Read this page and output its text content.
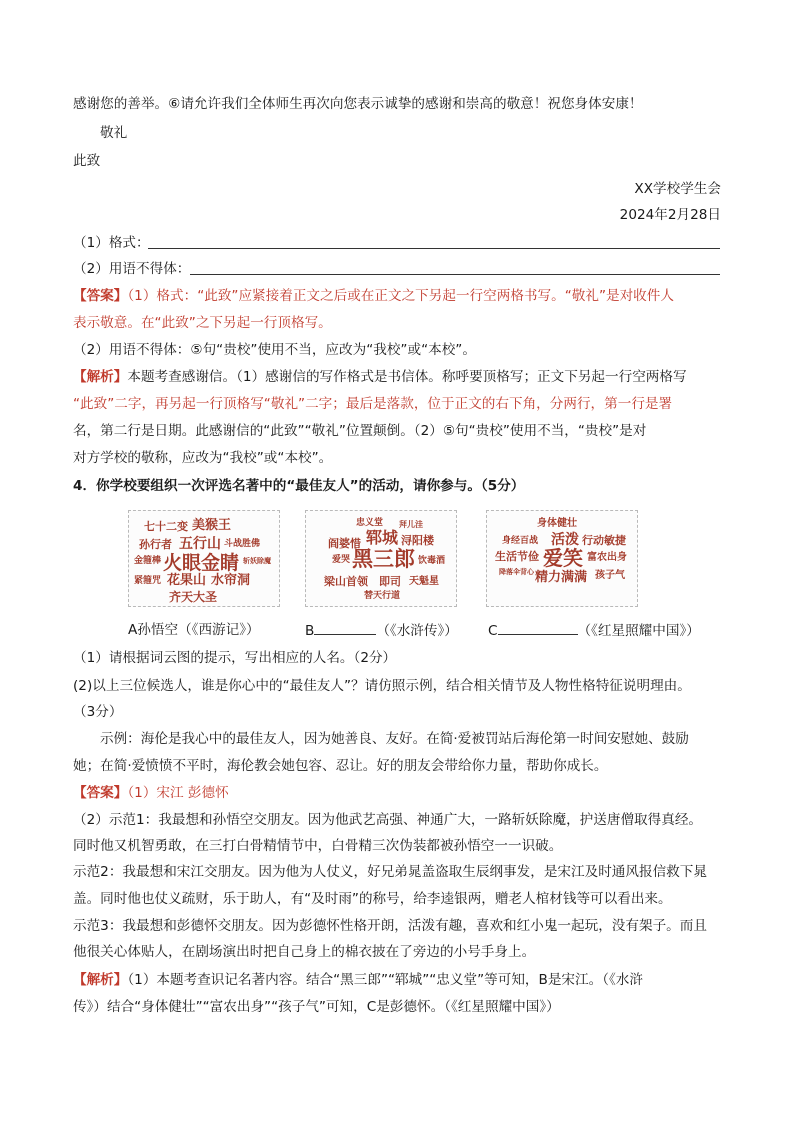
感谢您的善举。⑥请允许我们全体师生再次向您表示诚挚的感谢和崇高的敬意！祝您身体安康！
敬礼
此致
XX学校学生会
2024年2月28日
（1）格式：
（2）用语不得体：
【答案】（1）格式：“此致”应紧接着正文之后或在正文之下另起一行空两格书写。“敬礼”是对收件人
表示敬意。在“此致”之下另起一行顶格写。
（2）用语不得体：⑤句“贵校”使用不当，应改为“我校”或“本校”。
【解析】本题考查感谢信。（1）感谢信的写作格式是书信体。称呼要顶格写；正文下另起一行空两格写
“此致”二字，再另起一行顶格写“敬礼”二字；最后是落款，位于正文的右下角，分两行，第一行是署
名，第二行是日期。此感谢信的“此致”“敬礼”位置颠倒。（2）⑤句“贵校”使用不当，“贵校”是对
对方学校的敬称，应改为“我校”或“本校”。
4．你学校要组织一次评选名著中的“最佳友人”的活动，请你参与。（5分）
七十二变 美猴王
孙行者 五行山 斗战胜佛
金箍棒 火眼金睛 斩妖除魔
紧箍咒 花果山 水帘洞
齐天大圣
忠义堂 拜儿洼
郓城 浔阳楼
阎婆惜
爱哭 黑三郎 饮毒酒
梁山首领 即司 天魁星
替天行道
身体健壮
身经百战 活泼 行动敏捷
生活节俭 爱笑 富农出身
降落伞背心 精力满满 孩子气
A孙悟空（《西游记》）	B	（《水浒传》） C	（《红星照耀中国》）
（1）请根据词云图的提示，写出相应的人名。（2分）
(2)以上三位候选人，谁是你心中的“最佳友人”？请仿照示例，结合相关情节及人物性格特征说明理由。
（3分）
示例：海伦是我心中的最佳友人，因为她善良、友好。在简·爱被罚站后海伦第一时间安慰她、鼓励
她；在简·爱愤愤不平时，海伦教会她包容、忍让。好的朋友会带给你力量，帮助你成长。
【答案】（1）宋江 彭德怀
（2）示范1：我最想和孙悟空交朋友。因为他武艺高强、神通广大，一路斩妖除魔，护送唐僧取得真经。
同时他又机智勇敢，在三打白骨精情节中，白骨精三次伪装都被孙悟空一一识破。
示范2：我最想和宋江交朋友。因为他为人仗义，好兄弟晁盖盗取生辰纲事发，是宋江及时通风报信救下晁
盖。同时他也仗义疏财，乐于助人，有“及时雨”的称号，给李逵银两，赠老人棺材钱等可以看出来。
示范3：我最想和彭德怀交朋友。因为彭德怀性格开朗，活泼有趣，喜欢和红小鬼一起玩，没有架子。而且
他很关心体贴人，在剧场演出时把自己身上的棉衣披在了旁边的小号手身上。
【解析】（1）本题考查识记名著内容。结合“黑三郎”“郓城”“忠义堂”等可知，B是宋江。（《水浒
传》）结合“身体健壮”“富农出身”“孩子气”可知，C是彭德怀。（《红星照耀中国》）
